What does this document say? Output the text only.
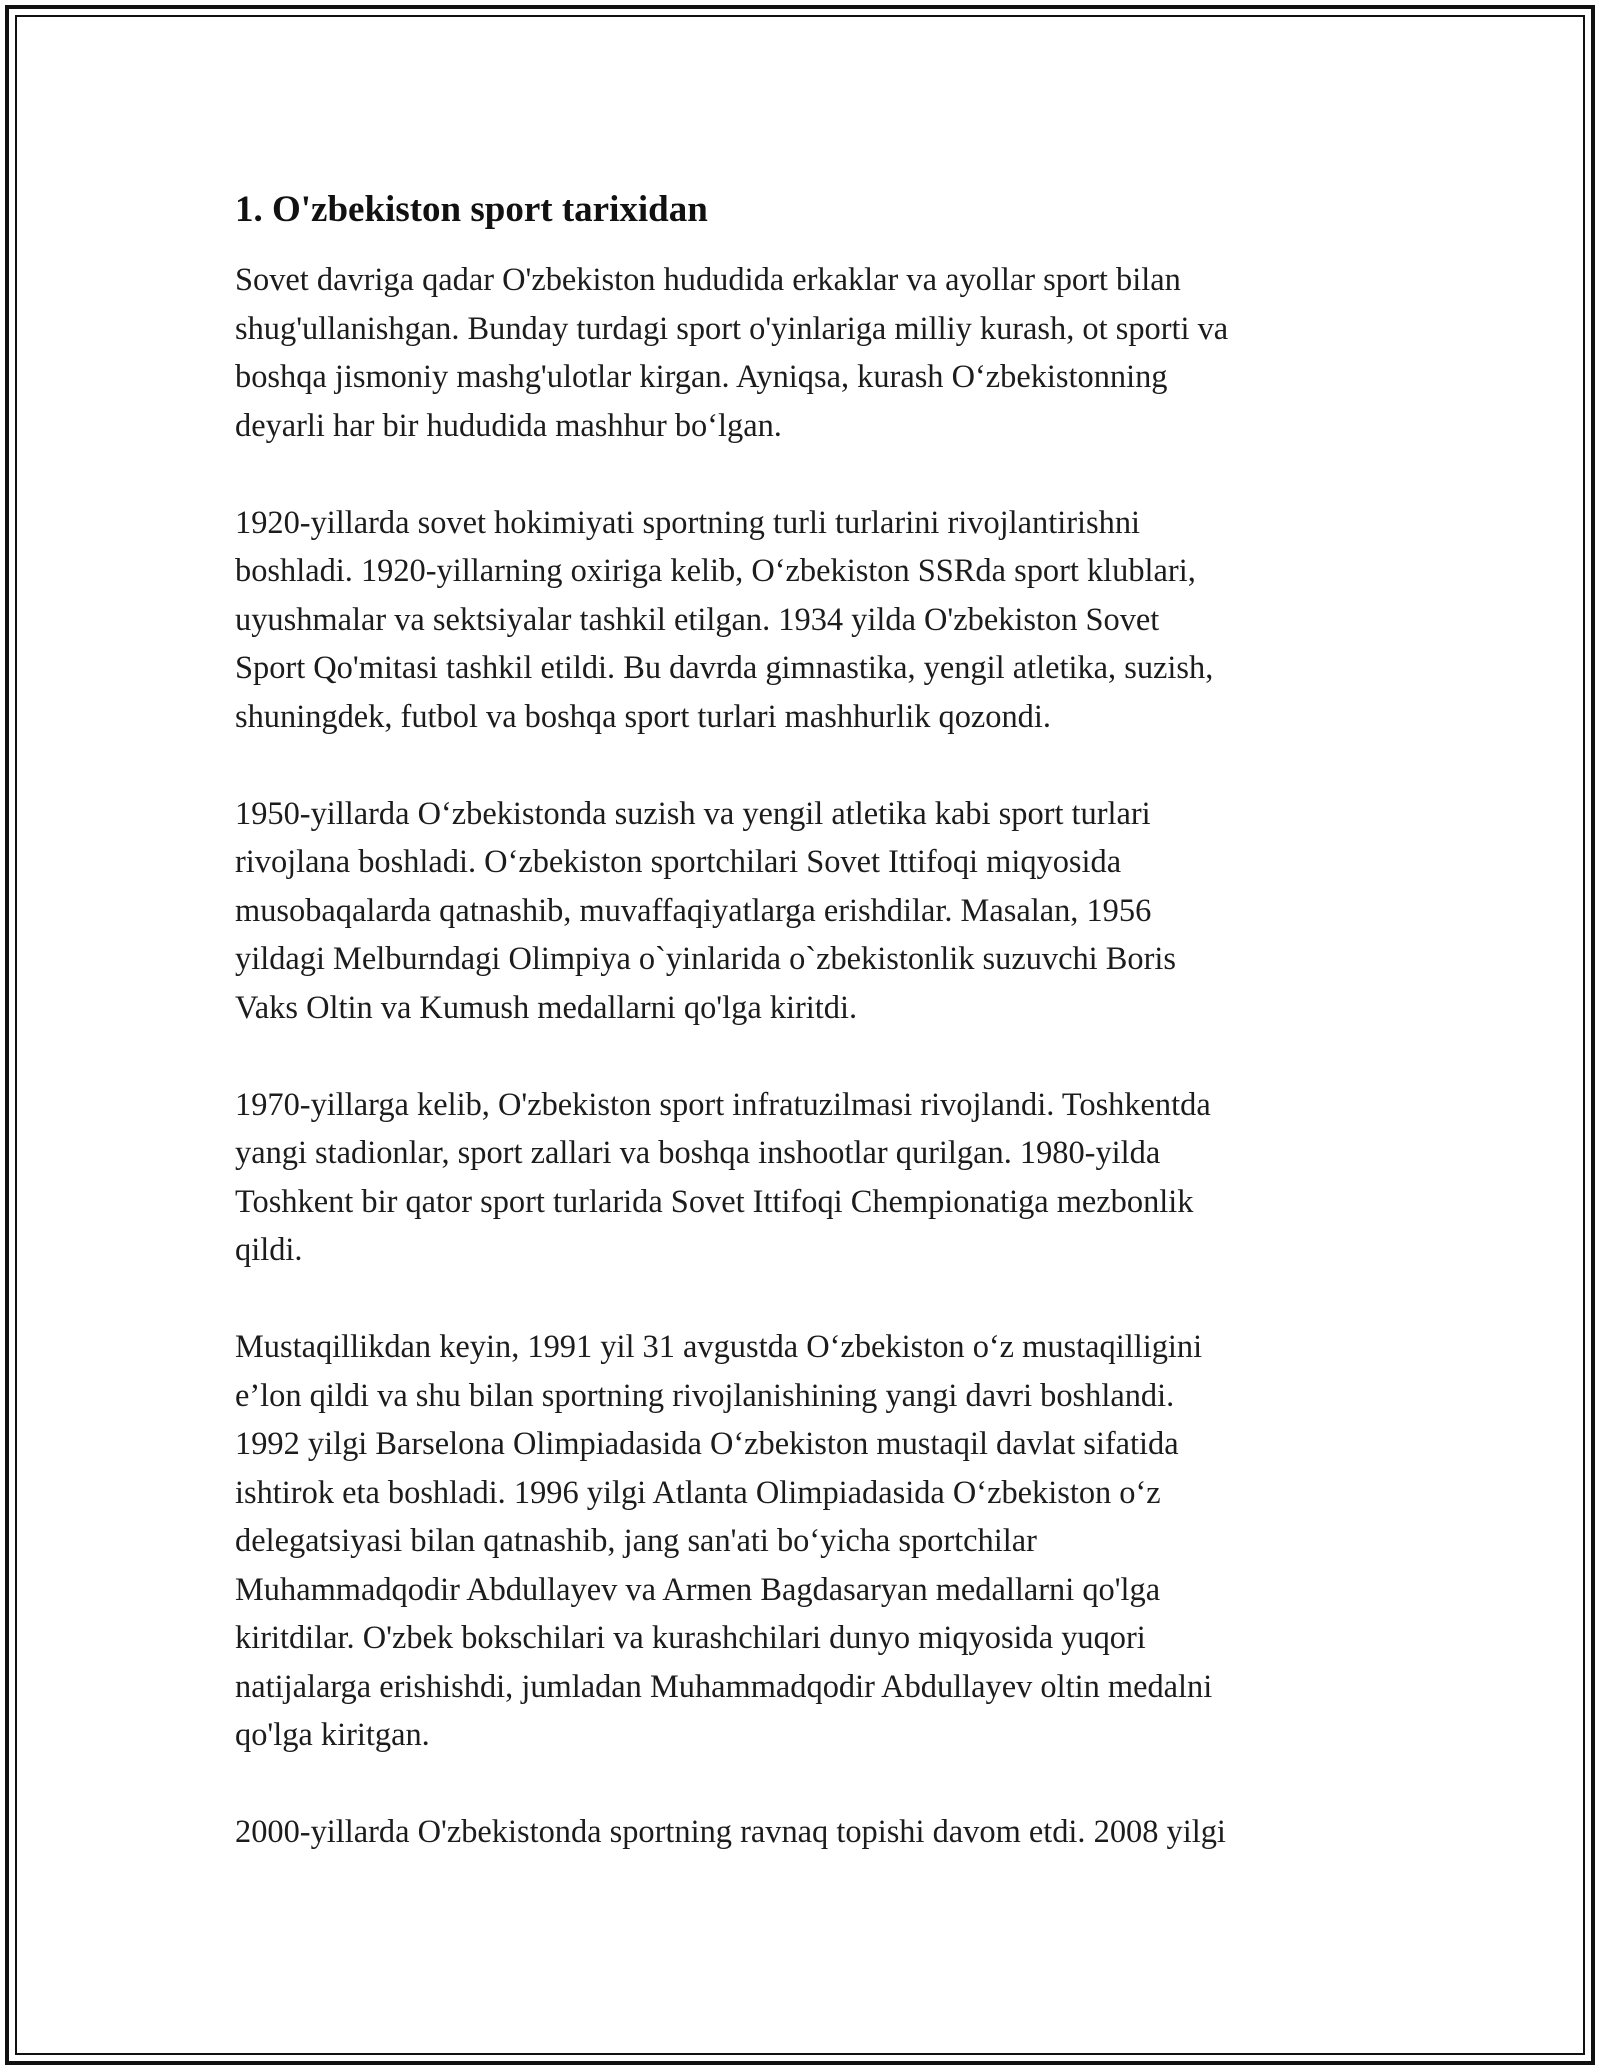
1. O'zbekiston sport tarixidan

Sovet davriga qadar O'zbekiston hududida erkaklar va ayollar sport bilan
shug'ullanishgan. Bunday turdagi sport o'yinlariga milliy kurash, ot sporti va
boshqa jismoniy mashg'ulotlar kirgan. Ayniqsa, kurash O‘zbekistonning
deyarli har bir hududida mashhur bo‘lgan.

1920-yillarda sovet hokimiyati sportning turli turlarini rivojlantirishni
boshladi. 1920-yillarning oxiriga kelib, O‘zbekiston SSRda sport klublari,
uyushmalar va sektsiyalar tashkil etilgan. 1934 yilda O'zbekiston Sovet
Sport Qo'mitasi tashkil etildi. Bu davrda gimnastika, yengil atletika, suzish,
shuningdek, futbol va boshqa sport turlari mashhurlik qozondi.

1950-yillarda O‘zbekistonda suzish va yengil atletika kabi sport turlari
rivojlana boshladi. O‘zbekiston sportchilari Sovet Ittifoqi miqyosida
musobaqalarda qatnashib, muvaffaqiyatlarga erishdilar. Masalan, 1956
yildagi Melburndagi Olimpiya o`yinlarida o`zbekistonlik suzuvchi Boris
Vaks Oltin va Kumush medallarni qo'lga kiritdi.

1970-yillarga kelib, O'zbekiston sport infratuzilmasi rivojlandi. Toshkentda
yangi stadionlar, sport zallari va boshqa inshootlar qurilgan. 1980-yilda
Toshkent bir qator sport turlarida Sovet Ittifoqi Chempionatiga mezbonlik
qildi.

Mustaqillikdan keyin, 1991 yil 31 avgustda O‘zbekiston o‘z mustaqilligini
e’lon qildi va shu bilan sportning rivojlanishining yangi davri boshlandi.
1992 yilgi Barselona Olimpiadasida O‘zbekiston mustaqil davlat sifatida
ishtirok eta boshladi. 1996 yilgi Atlanta Olimpiadasida O‘zbekiston o‘z
delegatsiyasi bilan qatnashib, jang san'ati bo‘yicha sportchilar
Muhammadqodir Abdullayev va Armen Bagdasaryan medallarni qo'lga
kiritdilar. O'zbek bokschilari va kurashchilari dunyo miqyosida yuqori
natijalarga erishishdi, jumladan Muhammadqodir Abdullayev oltin medalni
qo'lga kiritgan.

2000-yillarda O'zbekistonda sportning ravnaq topishi davom etdi. 2008 yilgi
